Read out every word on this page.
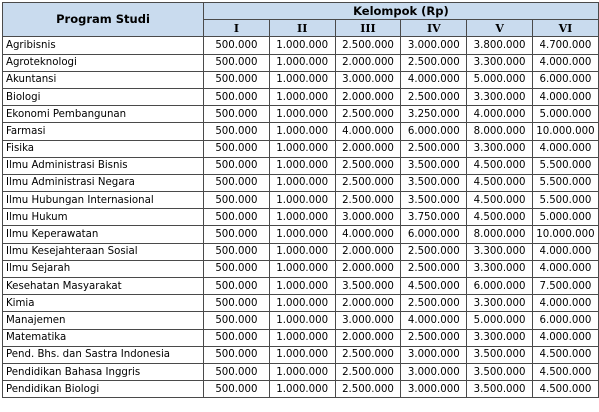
Program Studi	Kelompok (Rp)					
	I	II	III	IV	V	VI
Agribisnis	500.000	1.000.000	2.500.000	3.000.000	3.800.000	4.700.000
Agroteknologi	500.000	1.000.000	2.000.000	2.500.000	3.300.000	4.000.000
Akuntansi	500.000	1.000.000	3.000.000	4.000.000	5.000.000	6.000.000
Biologi	500.000	1.000.000	2.000.000	2.500.000	3.300.000	4.000.000
Ekonomi Pembangunan	500.000	1.000.000	2.500.000	3.250.000	4.000.000	5.000.000
Farmasi	500.000	1.000.000	4.000.000	6.000.000	8.000.000	10.000.000
Fisika	500.000	1.000.000	2.000.000	2.500.000	3.300.000	4.000.000
Ilmu Administrasi Bisnis	500.000	1.000.000	2.500.000	3.500.000	4.500.000	5.500.000
Ilmu Administrasi Negara	500.000	1.000.000	2.500.000	3.500.000	4.500.000	5.500.000
Ilmu Hubungan Internasional	500.000	1.000.000	2.500.000	3.500.000	4.500.000	5.500.000
Ilmu Hukum	500.000	1.000.000	3.000.000	3.750.000	4.500.000	5.000.000
Ilmu Keperawatan	500.000	1.000.000	4.000.000	6.000.000	8.000.000	10.000.000
Ilmu Kesejahteraan Sosial	500.000	1.000.000	2.000.000	2.500.000	3.300.000	4.000.000
Ilmu Sejarah	500.000	1.000.000	2.000.000	2.500.000	3.300.000	4.000.000
Kesehatan Masyarakat	500.000	1.000.000	3.500.000	4.500.000	6.000.000	7.500.000
Kimia	500.000	1.000.000	2.000.000	2.500.000	3.300.000	4.000.000
Manajemen	500.000	1.000.000	3.000.000	4.000.000	5.000.000	6.000.000
Matematika	500.000	1.000.000	2.000.000	2.500.000	3.300.000	4.000.000
Pend. Bhs. dan Sastra Indonesia	500.000	1.000.000	2.500.000	3.000.000	3.500.000	4.500.000
Pendidikan Bahasa Inggris	500.000	1.000.000	2.500.000	3.000.000	3.500.000	4.500.000
Pendidikan Biologi	500.000	1.000.000	2.500.000	3.000.000	3.500.000	4.500.000
